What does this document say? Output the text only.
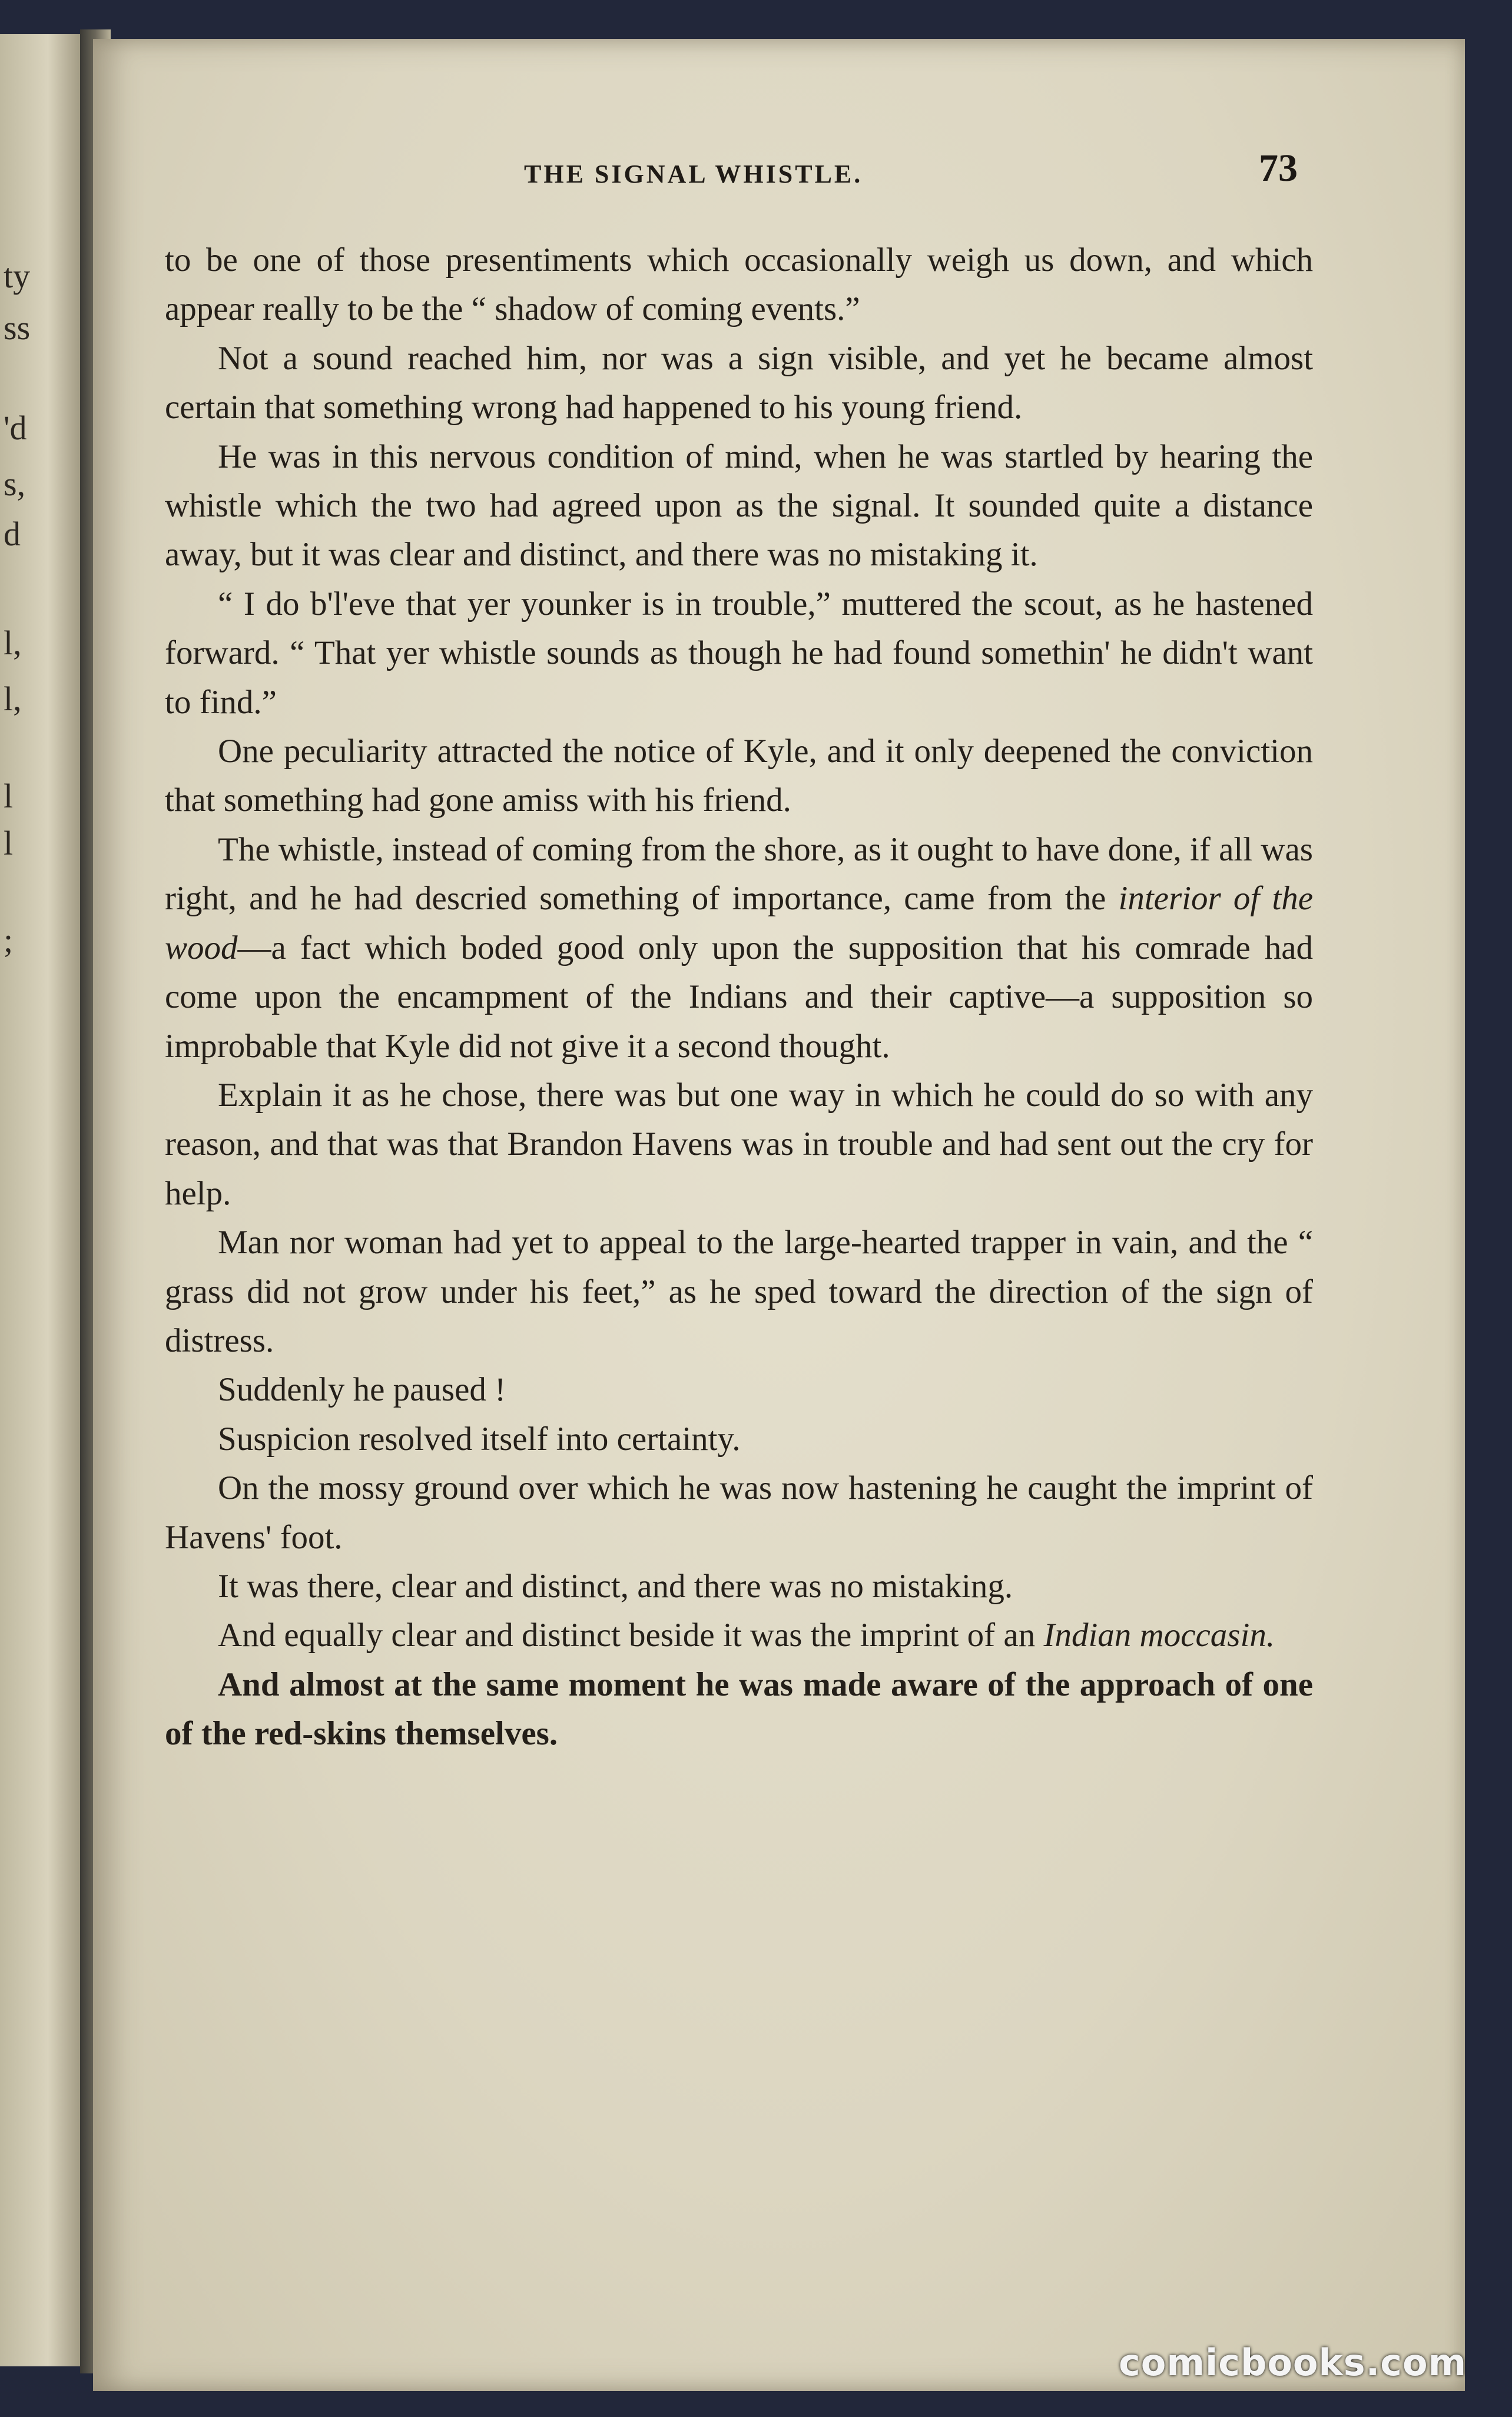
ty
ss
'd
s,
d
l,
l,
l
l
;
THE SIGNAL WHISTLE.	73

to be one of those presentiments which occasionally weigh us down, and which appear really to be the “ shadow of coming events.”

Not a sound reached him, nor was a sign visible, and yet he became almost certain that something wrong had happened to his young friend.

He was in this nervous condition of mind, when he was startled by hearing the whistle which the two had agreed upon as the signal. It sounded quite a distance away, but it was clear and distinct, and there was no mistaking it.

“ I do b'l'eve that yer younker is in trouble,” muttered the scout, as he hastened forward. “ That yer whistle sounds as though he had found somethin' he didn't want to find.”

One peculiarity attracted the notice of Kyle, and it only deepened the conviction that something had gone amiss with his friend.

The whistle, instead of coming from the shore, as it ought to have done, if all was right, and he had descried something of importance, came from the interior of the wood—a fact which boded good only upon the supposition that his comrade had come upon the encampment of the Indians and their captive—a supposition so improbable that Kyle did not give it a second thought.

Explain it as he chose, there was but one way in which he could do so with any reason, and that was that Brandon Havens was in trouble and had sent out the cry for help.

Man nor woman had yet to appeal to the large-hearted trapper in vain, and the “ grass did not grow under his feet,” as he sped toward the direction of the sign of distress.

Suddenly he paused !

Suspicion resolved itself into certainty.

On the mossy ground over which he was now hastening he caught the imprint of Havens' foot.

It was there, clear and distinct, and there was no mistaking.

And equally clear and distinct beside it was the imprint of an Indian moccasin.

And almost at the same moment he was made aware of the approach of one of the red-skins themselves.

comicbooks.com
